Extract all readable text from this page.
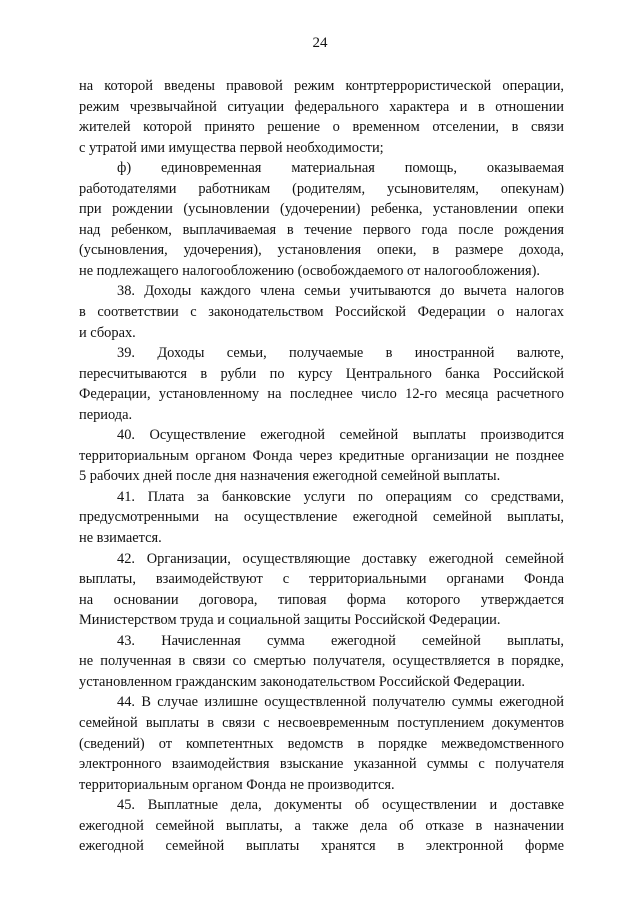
24
на которой введены правовой режим контртеррористической операции,
режим чрезвычайной ситуации федерального характера и в отношении
жителей которой принято решение о временном отселении, в связи
с утратой ими имущества первой необходимости;
ф) единовременная материальная помощь, оказываемая
работодателями работникам (родителям, усыновителям, опекунам)
при рождении (усыновлении (удочерении) ребенка, установлении опеки
над ребенком, выплачиваемая в течение первого года после рождения
(усыновления, удочерения), установления опеки, в размере дохода,
не подлежащего налогообложению (освобождаемого от налогообложения).
38. Доходы каждого члена семьи учитываются до вычета налогов
в соответствии с законодательством Российской Федерации о налогах
и сборах.
39. Доходы семьи, получаемые в иностранной валюте,
пересчитываются в рубли по курсу Центрального банка Российской
Федерации, установленному на последнее число 12-го месяца расчетного
периода.
40. Осуществление ежегодной семейной выплаты производится
территориальным органом Фонда через кредитные организации не позднее
5 рабочих дней после дня назначения ежегодной семейной выплаты.
41. Плата за банковские услуги по операциям со средствами,
предусмотренными на осуществление ежегодной семейной выплаты,
не взимается.
42. Организации, осуществляющие доставку ежегодной семейной
выплаты, взаимодействуют с территориальными органами Фонда
на основании договора, типовая форма которого утверждается
Министерством труда и социальной защиты Российской Федерации.
43. Начисленная сумма ежегодной семейной выплаты,
не полученная в связи со смертью получателя, осуществляется в порядке,
установленном гражданским законодательством Российской Федерации.
44. В случае излишне осуществленной получателю суммы ежегодной
семейной выплаты в связи с несвоевременным поступлением документов
(сведений) от компетентных ведомств в порядке межведомственного
электронного взаимодействия взыскание указанной суммы с получателя
территориальным органом Фонда не производится.
45. Выплатные дела, документы об осуществлении и доставке
ежегодной семейной выплаты, а также дела об отказе в назначении
ежегодной семейной выплаты хранятся в электронной форме
